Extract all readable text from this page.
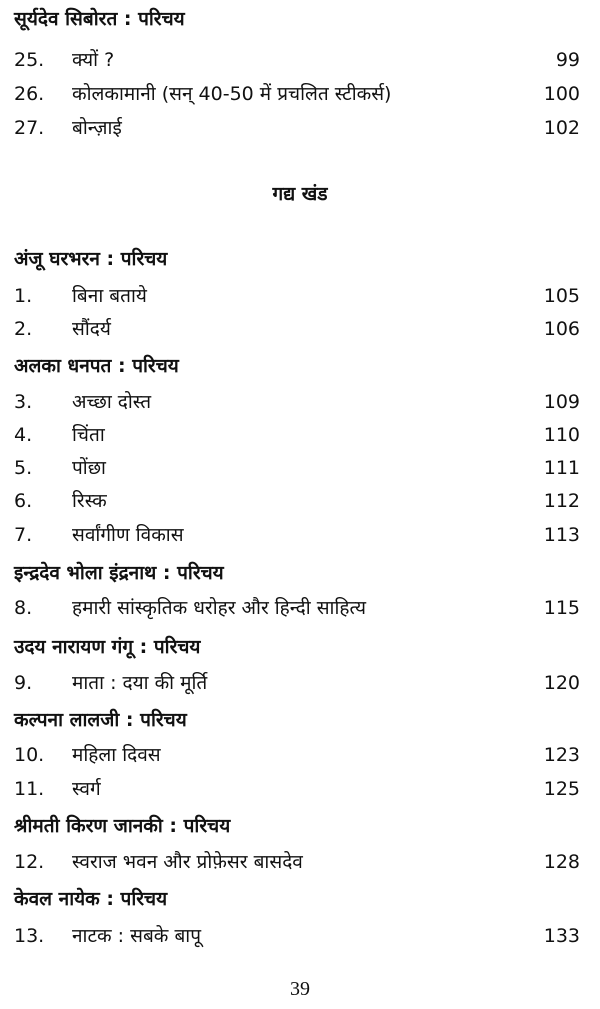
सूर्यदेव सिबोरत : परिचय
25. क्यों ?	99
26. कोलकामानी (सन् 40-50 में प्रचलित स्टीकर्स)	100
27. बोन्ज़ाई	102
गद्य खंड
अंजू घरभरन : परिचय
1. बिना बताये	105
2. सौंदर्य	106
अलका धनपत : परिचय
3. अच्छा दोस्त	109
4. चिंता	110
5. पोंछा	111
6. रिस्क	112
7. सर्वांगीण विकास	113
इन्द्रदेव भोला इंद्रनाथ : परिचय
8. हमारी सांस्कृतिक धरोहर और हिन्दी साहित्य	115
उदय नारायण गंगू : परिचय
9. माता : दया की मूर्ति	120
कल्पना लालजी : परिचय
10. महिला दिवस	123
11. स्वर्ग	125
श्रीमती किरण जानकी : परिचय
12. स्वराज भवन और प्रोफ़ेसर बासदेव	128
केवल नायेक : परिचय
13. नाटक : सबके बापू	133
39
